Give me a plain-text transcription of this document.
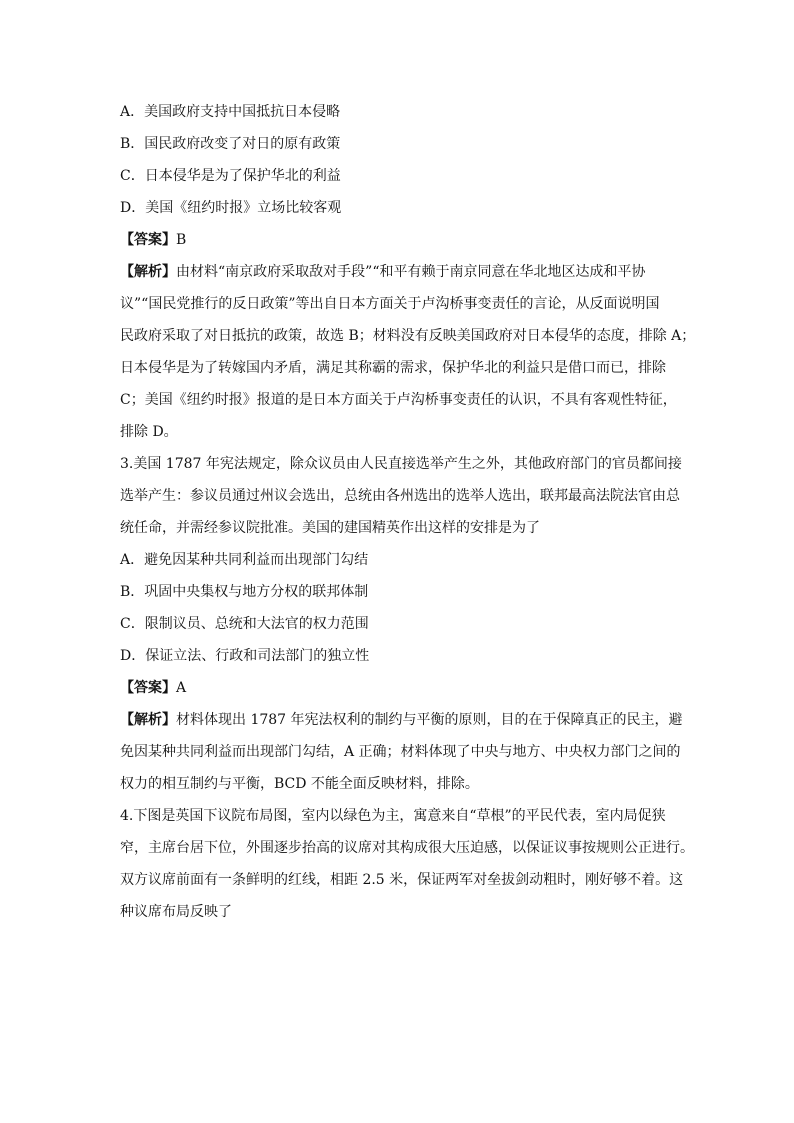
A．美国政府支持中国抵抗日本侵略
B．国民政府改变了对日的原有政策
C．日本侵华是为了保护华北的利益
D．美国《纽约时报》立场比较客观
【答案】B
【解析】由材料“南京政府采取敌对手段”“和平有赖于南京同意在华北地区达成和平协
议”“国民党推行的反日政策”等出自日本方面关于卢沟桥事变责任的言论，从反面说明国
民政府采取了对日抵抗的政策，故选 B；材料没有反映美国政府对日本侵华的态度，排除 A；
日本侵华是为了转嫁国内矛盾，满足其称霸的需求，保护华北的利益只是借口而已，排除
C；美国《纽约时报》报道的是日本方面关于卢沟桥事变责任的认识，不具有客观性特征，
排除 D。
3.美国 1787 年宪法规定，除众议员由人民直接选举产生之外，其他政府部门的官员都间接
选举产生：参议员通过州议会选出，总统由各州选出的选举人选出，联邦最高法院法官由总
统任命，并需经参议院批准。美国的建国精英作出这样的安排是为了
A．避免因某种共同利益而出现部门勾结
B．巩固中央集权与地方分权的联邦体制
C．限制议员、总统和大法官的权力范围
D．保证立法、行政和司法部门的独立性
【答案】A
【解析】材料体现出 1787 年宪法权利的制约与平衡的原则，目的在于保障真正的民主，避
免因某种共同利益而出现部门勾结，A 正确；材料体现了中央与地方、中央权力部门之间的
权力的相互制约与平衡，BCD 不能全面反映材料，排除。
4.下图是英国下议院布局图，室内以绿色为主，寓意来自“草根”的平民代表，室内局促狭
窄，主席台居下位，外围逐步抬高的议席对其构成很大压迫感，以保证议事按规则公正进行。
双方议席前面有一条鲜明的红线，相距 2.5 米，保证两军对垒拔剑动粗时，刚好够不着。这
种议席布局反映了
